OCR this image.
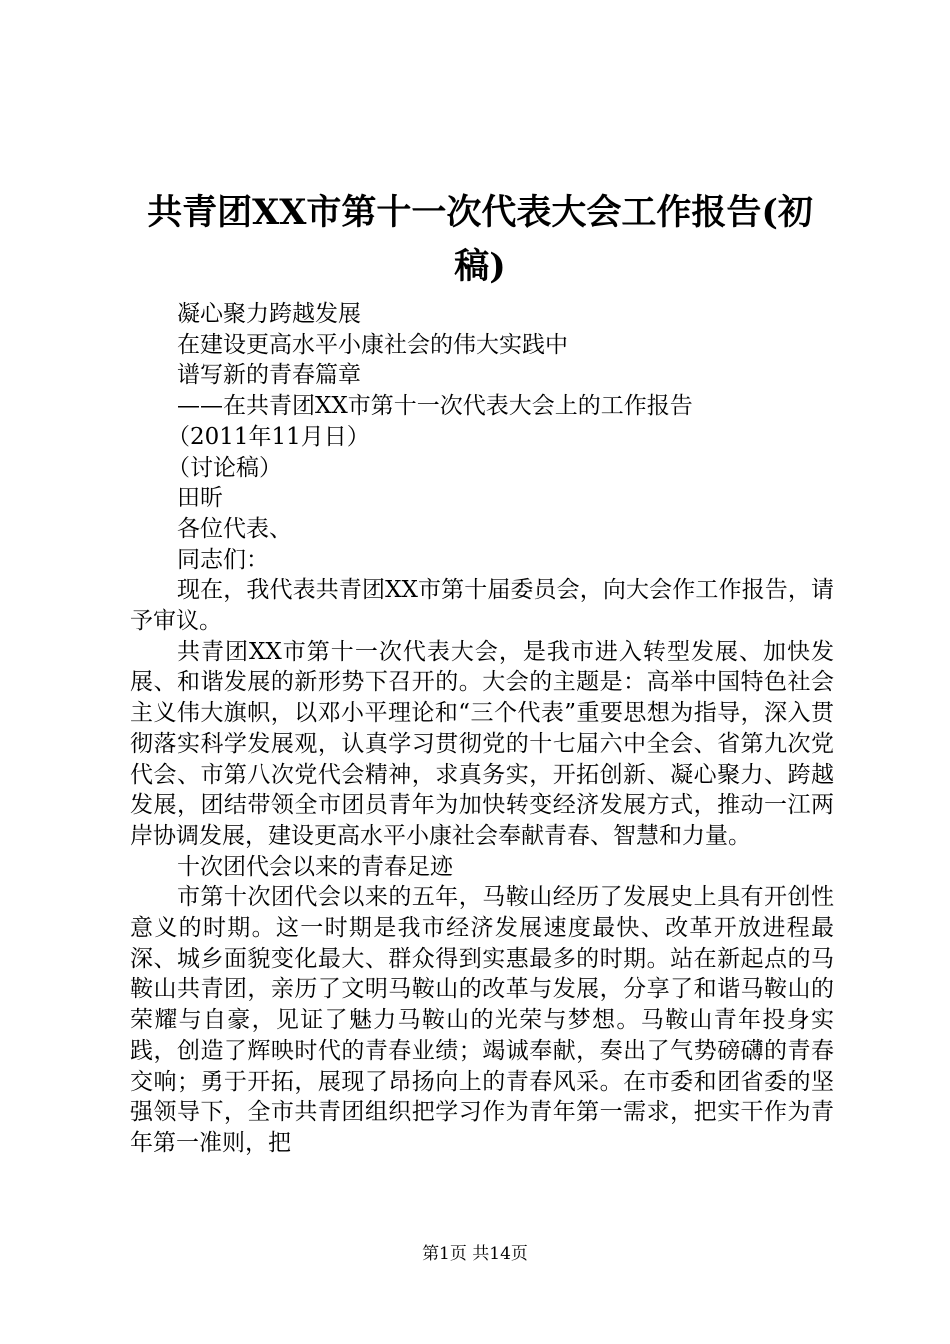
共青团XX市第十一次代表大会工作报告(初
稿)
凝心聚力跨越发展
在建设更高水平小康社会的伟大实践中
谱写新的青春篇章
——在共青团XX市第十一次代表大会上的工作报告
（2011年11月日）
（讨论稿）
田昕
各位代表、
同志们：

现在，我代表共青团XX市第十届委员会，向大会作工作报告，请予审议。

共青团XX市第十一次代表大会，是我市进入转型发展、加快发展、和谐发展的新形势下召开的。大会的主题是：高举中国特色社会主义伟大旗帜，以邓小平理论和“三个代表”重要思想为指导，深入贯彻落实科学发展观，认真学习贯彻党的十七届六中全会、省第九次党代会、市第八次党代会精神，求真务实，开拓创新、凝心聚力、跨越发展，团结带领全市团员青年为加快转变经济发展方式，推动一江两岸协调发展，建设更高水平小康社会奉献青春、智慧和力量。

十次团代会以来的青春足迹

市第十次团代会以来的五年，马鞍山经历了发展史上具有开创性意义的时期。这一时期是我市经济发展速度最快、改革开放进程最深、城乡面貌变化最大、群众得到实惠最多的时期。站在新起点的马鞍山共青团，亲历了文明马鞍山的改革与发展，分享了和谐马鞍山的荣耀与自豪，见证了魅力马鞍山的光荣与梦想。马鞍山青年投身实践，创造了辉映时代的青春业绩；竭诚奉献，奏出了气势磅礴的青春交响；勇于开拓，展现了昂扬向上的青春风采。在市委和团省委的坚强领导下，全市共青团组织把学习作为青年第一需求，把实干作为青年第一准则，把

第1页 共14页
